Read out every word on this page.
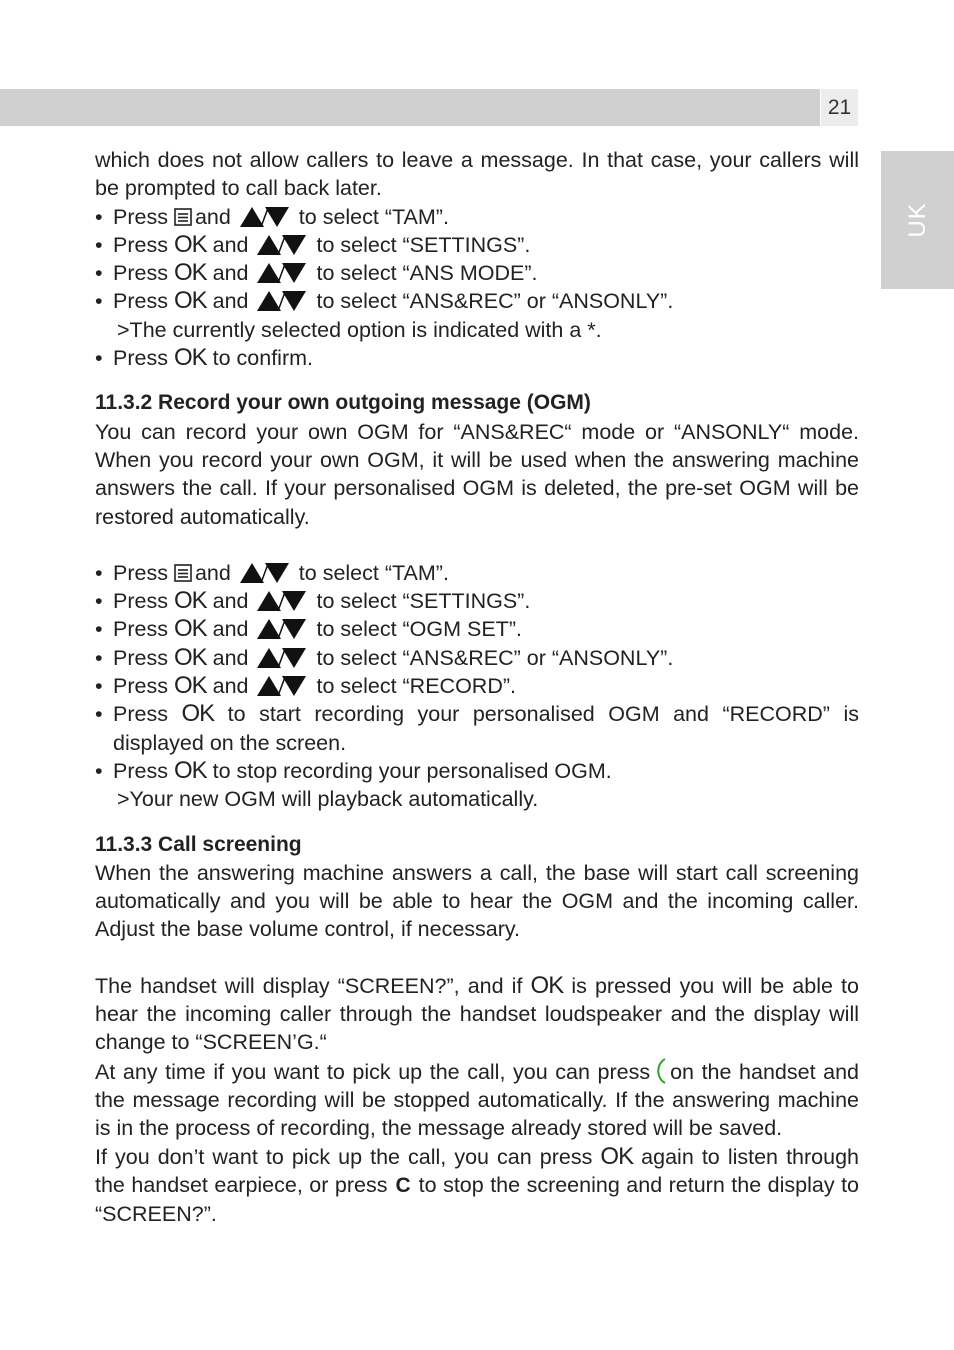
21
UK

which does not allow callers to leave a message. In that case, your callers will be prompted to call back later.

• Press and	to select “TAM”.

• Press OK and	to select “SETTINGS”.

• Press OK and	to select “ANS MODE”.

• Press OK and	to select “ANS&REC” or “ANSONLY”.

>The currently selected option is indicated with a *.

• Press OK to confirm.

11.3.2 Record your own outgoing message (OGM)

You can record your own OGM for “ANS&REC“ mode or “ANSONLY“ mode. When you record your own OGM, it will be used when the answering machine answers the call. If your personalised OGM is deleted, the pre-set OGM will be restored automatically.

• Press and	to select “TAM”.

• Press OK and	to select “SETTINGS”.

• Press OK and	to select “OGM SET”.

• Press OK and	to select “ANS&REC” or “ANSONLY”.

• Press OK and	to select “RECORD”.

• Press OK to start recording your personalised OGM and “RECORD” is displayed on the screen.

• Press OK to stop recording your personalised OGM.

>Your new OGM will playback automatically.

11.3.3 Call screening

When the answering machine answers a call, the base will start call screening automatically and you will be able to hear the OGM and the incoming caller. Adjust the base volume control, if necessary.

The handset will display “SCREEN?”, and if OK is pressed you will be able to hear the incoming caller through the handset loudspeaker and the display will change to “SCREEN’G.“

At any time if you want to pick up the call, you can press on the handset and the message recording will be stopped automatically. If the answering machine is in the process of recording, the message already stored will be saved.

If you don’t want to pick up the call, you can press OK again to listen through the handset earpiece, or press C to stop the screening and return the display to “SCREEN?”.
